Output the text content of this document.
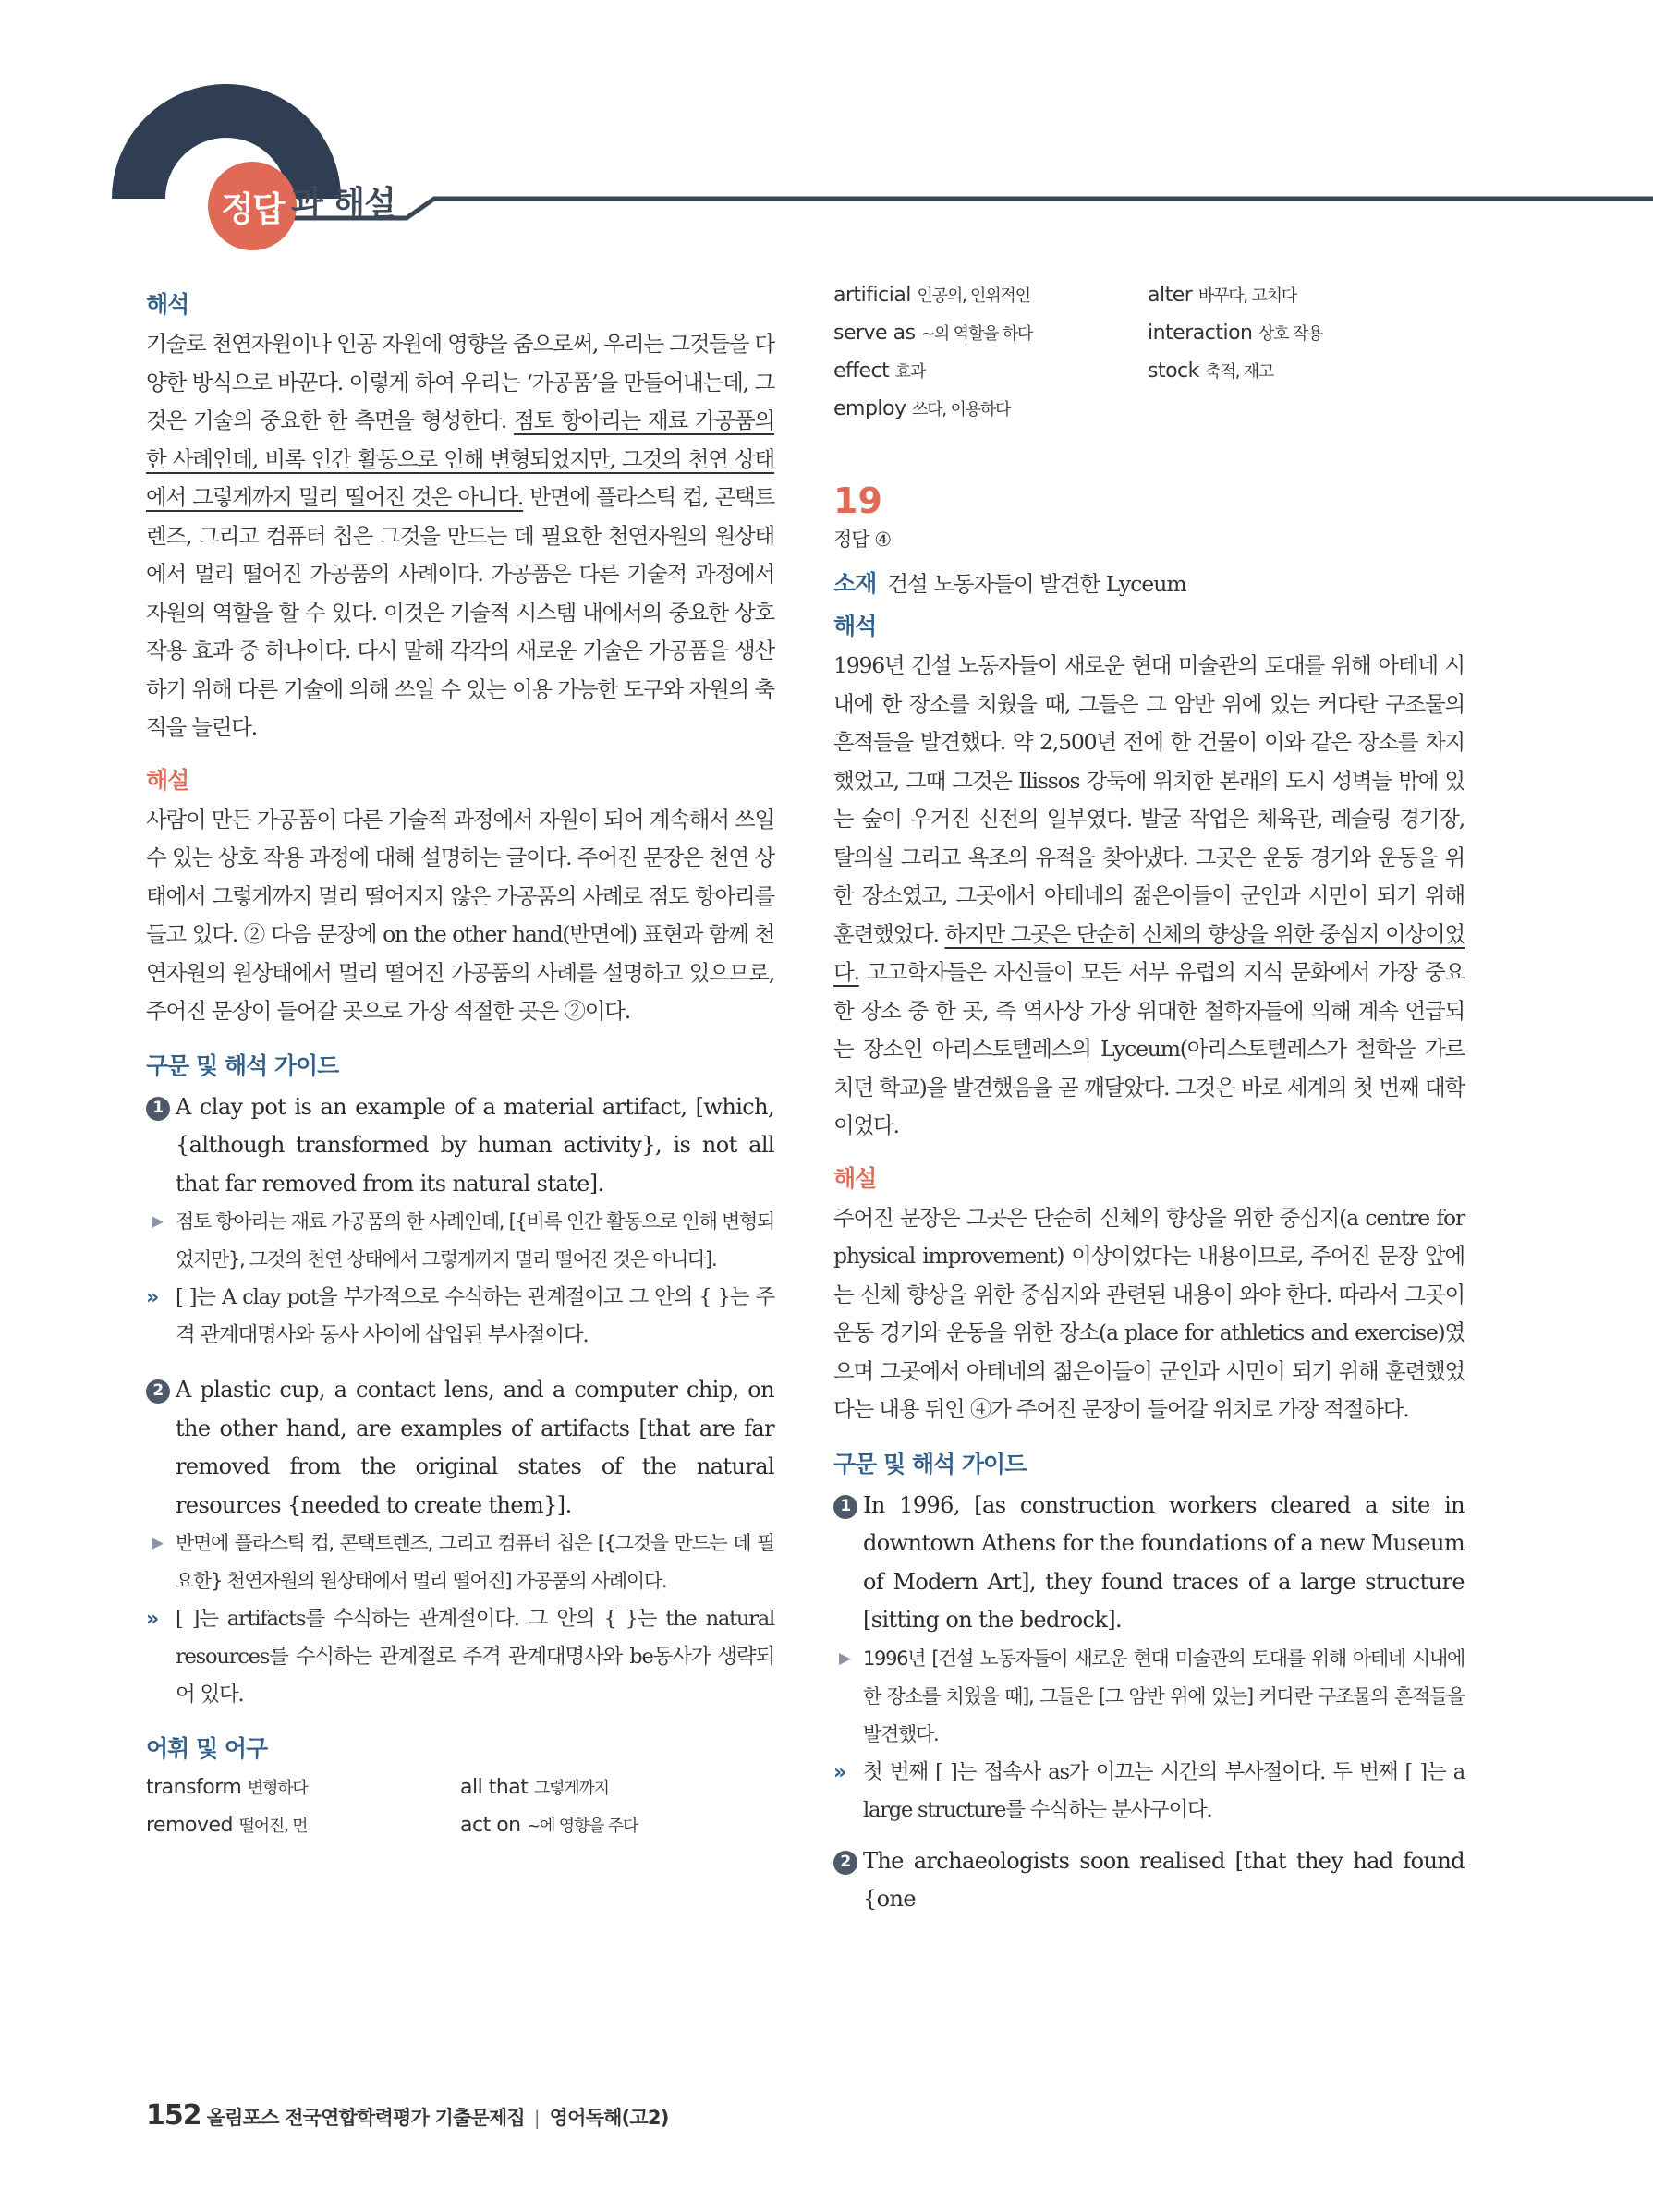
정답 과 해설
해석

기술로 천연자원이나 인공 자원에 영향을 줌으로써, 우리는 그것들을 다양한 방식으로 바꾼다. 이렇게 하여 우리는 ‘가공품’을 만들어내는데, 그것은 기술의 중요한 한 측면을 형성한다. 점토 항아리는 재료 가공품의 한 사례인데, 비록 인간 활동으로 인해 변형되었지만, 그것의 천연 상태에서 그렇게까지 멀리 떨어진 것은 아니다. 반면에 플라스틱 컵, 콘택트렌즈, 그리고 컴퓨터 칩은 그것을 만드는 데 필요한 천연자원의 원상태에서 멀리 떨어진 가공품의 사례이다. 가공품은 다른 기술적 과정에서 자원의 역할을 할 수 있다. 이것은 기술적 시스템 내에서의 중요한 상호 작용 효과 중 하나이다. 다시 말해 각각의 새로운 기술은 가공품을 생산하기 위해 다른 기술에 의해 쓰일 수 있는 이용 가능한 도구와 자원의 축적을 늘린다.

해설

사람이 만든 가공품이 다른 기술적 과정에서 자원이 되어 계속해서 쓰일 수 있는 상호 작용 과정에 대해 설명하는 글이다. 주어진 문장은 천연 상태에서 그렇게까지 멀리 떨어지지 않은 가공품의 사례로 점토 항아리를 들고 있다. ② 다음 문장에 on the other hand(반면에) 표현과 함께 천연자원의 원상태에서 멀리 떨어진 가공품의 사례를 설명하고 있으므로, 주어진 문장이 들어갈 곳으로 가장 적절한 곳은 ②이다.

구문 및 해석 가이드
1 A clay pot is an example of a material artifact, [which, {although transformed by human activity}, is not all that far removed from its natural state].
▶ 점토 항아리는 재료 가공품의 한 사례인데, [{비록 인간 활동으로 인해 변형되었지만}, 그것의 천연 상태에서 그렇게까지 멀리 떨어진 것은 아니다].
» [ ]는 A clay pot을 부가적으로 수식하는 관계절이고 그 안의 { }는 주격 관계대명사와 동사 사이에 삽입된 부사절이다.
2 A plastic cup, a contact lens, and a computer chip, on the other hand, are examples of artifacts [that are far removed from the original states of the natural resources {needed to create them}].
▶ 반면에 플라스틱 컵, 콘택트렌즈, 그리고 컴퓨터 칩은 [{그것을 만드는 데 필요한} 천연자원의 원상태에서 멀리 떨어진] 가공품의 사례이다.
» [ ]는 artifacts를 수식하는 관계절이다. 그 안의 { }는 the natural resources를 수식하는 관계절로 주격 관계대명사와 be동사가 생략되어 있다.
어휘 및 어구
transform 변형하다	all that 그렇게까지
removed 떨어진, 먼	act on ~에 영향을 주다
artificial 인공의, 인위적인	alter 바꾸다, 고치다
serve as ~의 역할을 하다	interaction 상호 작용
effect 효과	stock 축적, 재고
employ 쓰다, 이용하다
19
정답 ④
소재 건설 노동자들이 발견한 Lyceum
해석

1996년 건설 노동자들이 새로운 현대 미술관의 토대를 위해 아테네 시내에 한 장소를 치웠을 때, 그들은 그 암반 위에 있는 커다란 구조물의 흔적들을 발견했다. 약 2,500년 전에 한 건물이 이와 같은 장소를 차지했었고, 그때 그것은 Ilissos 강둑에 위치한 본래의 도시 성벽들 밖에 있는 숲이 우거진 신전의 일부였다. 발굴 작업은 체육관, 레슬링 경기장, 탈의실 그리고 욕조의 유적을 찾아냈다. 그곳은 운동 경기와 운동을 위한 장소였고, 그곳에서 아테네의 젊은이들이 군인과 시민이 되기 위해 훈련했었다. 하지만 그곳은 단순히 신체의 향상을 위한 중심지 이상이었다. 고고학자들은 자신들이 모든 서부 유럽의 지식 문화에서 가장 중요한 장소 중 한 곳, 즉 역사상 가장 위대한 철학자들에 의해 계속 언급되는 장소인 아리스토텔레스의 Lyceum(아리스토텔레스가 철학을 가르치던 학교)을 발견했음을 곧 깨달았다. 그것은 바로 세계의 첫 번째 대학이었다.

해설

주어진 문장은 그곳은 단순히 신체의 향상을 위한 중심지(a centre for physical improvement) 이상이었다는 내용이므로, 주어진 문장 앞에는 신체 향상을 위한 중심지와 관련된 내용이 와야 한다. 따라서 그곳이 운동 경기와 운동을 위한 장소(a place for athletics and exercise)였으며 그곳에서 아테네의 젊은이들이 군인과 시민이 되기 위해 훈련했었다는 내용 뒤인 ④가 주어진 문장이 들어갈 위치로 가장 적절하다.

구문 및 해석 가이드
1 In 1996, [as construction workers cleared a site in downtown Athens for the foundations of a new Museum of Modern Art], they found traces of a large structure [sitting on the bedrock].
▶ 1996년 [건설 노동자들이 새로운 현대 미술관의 토대를 위해 아테네 시내에 한 장소를 치웠을 때], 그들은 [그 암반 위에 있는] 커다란 구조물의 흔적들을 발견했다.
» 첫 번째 [ ]는 접속사 as가 이끄는 시간의 부사절이다. 두 번째 [ ]는 a large structure를 수식하는 분사구이다.
2 The archaeologists soon realised [that they had found {one
152 올림포스 전국연합학력평가 기출문제집 | 영어독해(고2)
